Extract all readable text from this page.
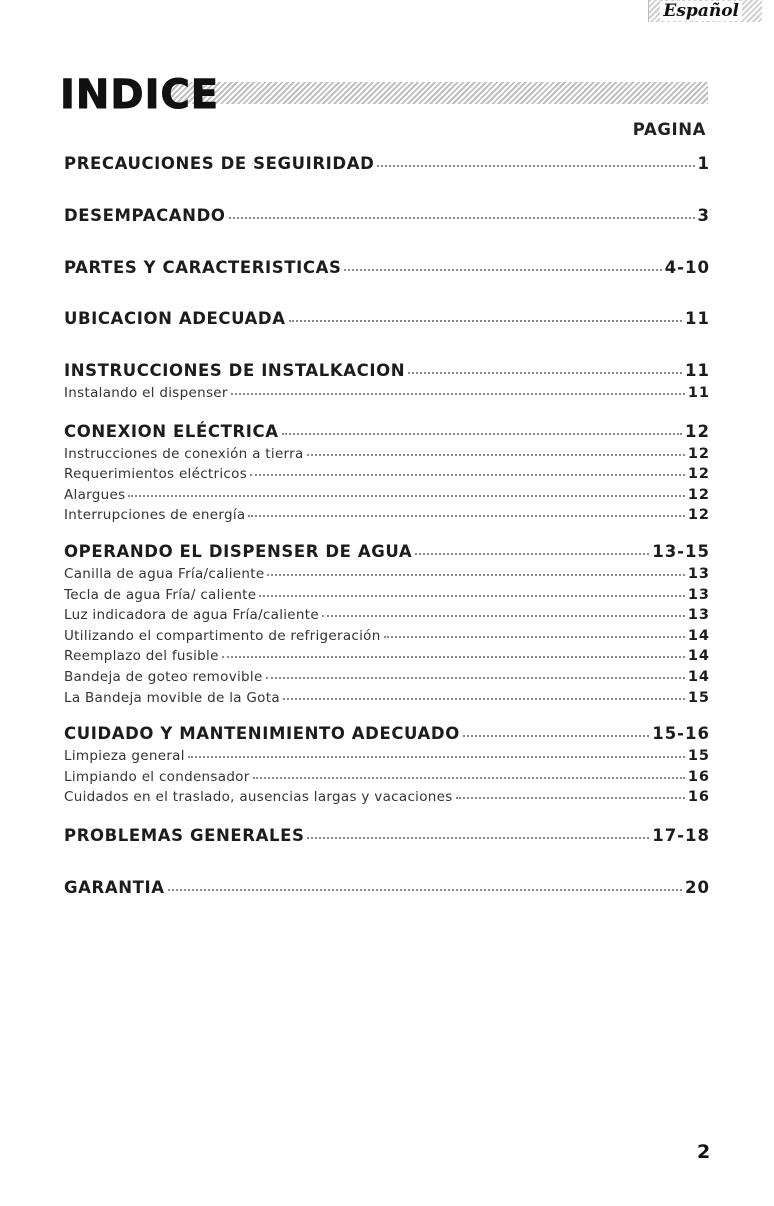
Español
INDICE
PAGINA
PRECAUCIONES DE SEGUIRIDAD	1
DESEMPACANDO	3
PARTES Y CARACTERISTICAS	4-10
UBICACION ADECUADA	11
INSTRUCCIONES DE INSTALKACION	11
Instalando el dispenser	11
CONEXION ELÉCTRICA	12
Instrucciones de conexión a tierra	12
Requerimientos eléctricos	12
Alargues	12
Interrupciones de energía	12
OPERANDO EL DISPENSER DE AGUA	13-15
Canilla de agua Fría/caliente	13
Tecla de agua Fría/ caliente	13
Luz indicadora de agua Fría/caliente	13
Utilizando el compartimento de refrigeración	14
Reemplazo del fusible	14
Bandeja de goteo removible	14
La Bandeja movible de la Gota	15
CUIDADO Y MANTENIMIENTO ADECUADO	15-16
Limpieza general	15
Limpiando el condensador	16
Cuidados en el traslado, ausencias largas y vacaciones	16
PROBLEMAS GENERALES	17-18
GARANTIA	20
2
